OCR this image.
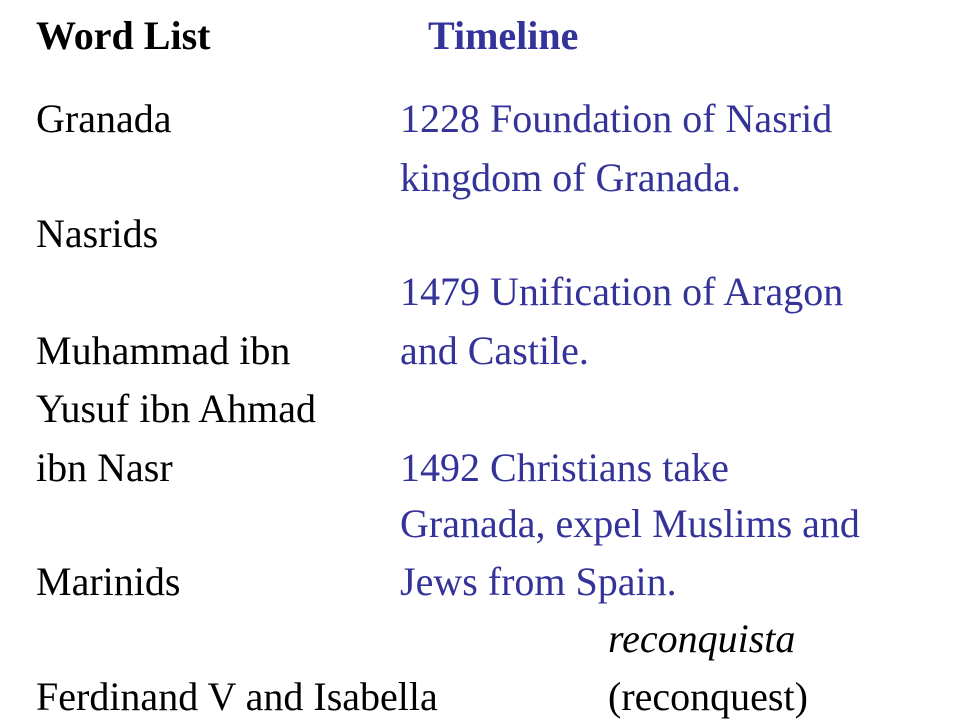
Word List	Timeline
Granada
Nasrids
Muhammad ibn
Yusuf ibn Ahmad
ibn Nasr
Marinids
Ferdinand V and Isabella
1228 Foundation of Nasrid
kingdom of Granada.
1479 Unification of Aragon
and Castile.
1492 Christians take
Granada, expel Muslims and
Jews from Spain.
reconquista
(reconquest)
